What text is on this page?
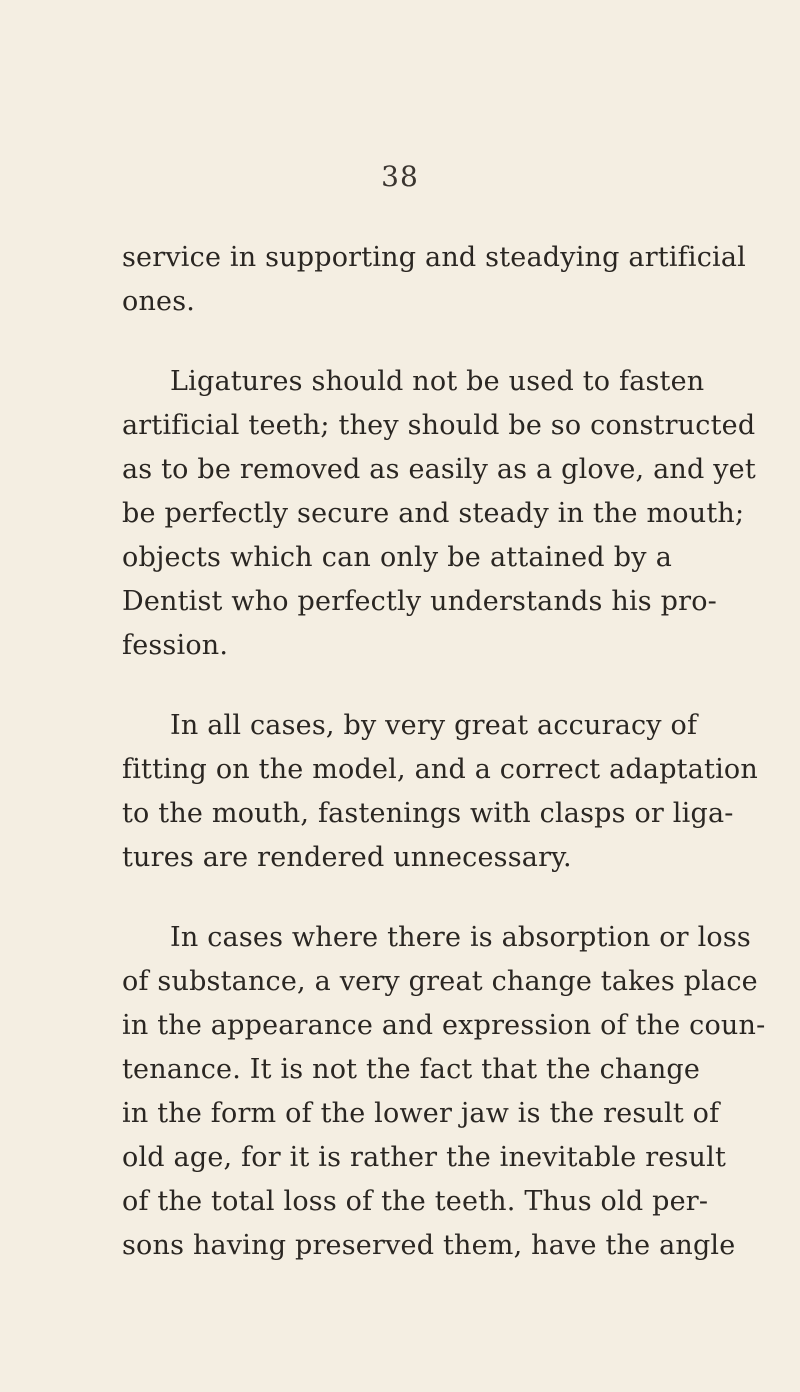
38
service in supporting and steadying artificial
ones.
Ligatures should not be used to fasten
artificial teeth; they should be so constructed
as to be removed as easily as a glove, and yet
be perfectly secure and steady in the mouth;
objects which can only be attained by a
Dentist who perfectly understands his pro-
fession.
In all cases, by very great accuracy of
fitting on the model, and a correct adaptation
to the mouth, fastenings with clasps or liga-
tures are rendered unnecessary.
In cases where there is absorption or loss
of substance, a very great change takes place
in the appearance and expression of the coun-
tenance. It is not the fact that the change
in the form of the lower jaw is the result of
old age, for it is rather the inevitable result
of the total loss of the teeth. Thus old per-
sons having preserved them, have the angle
